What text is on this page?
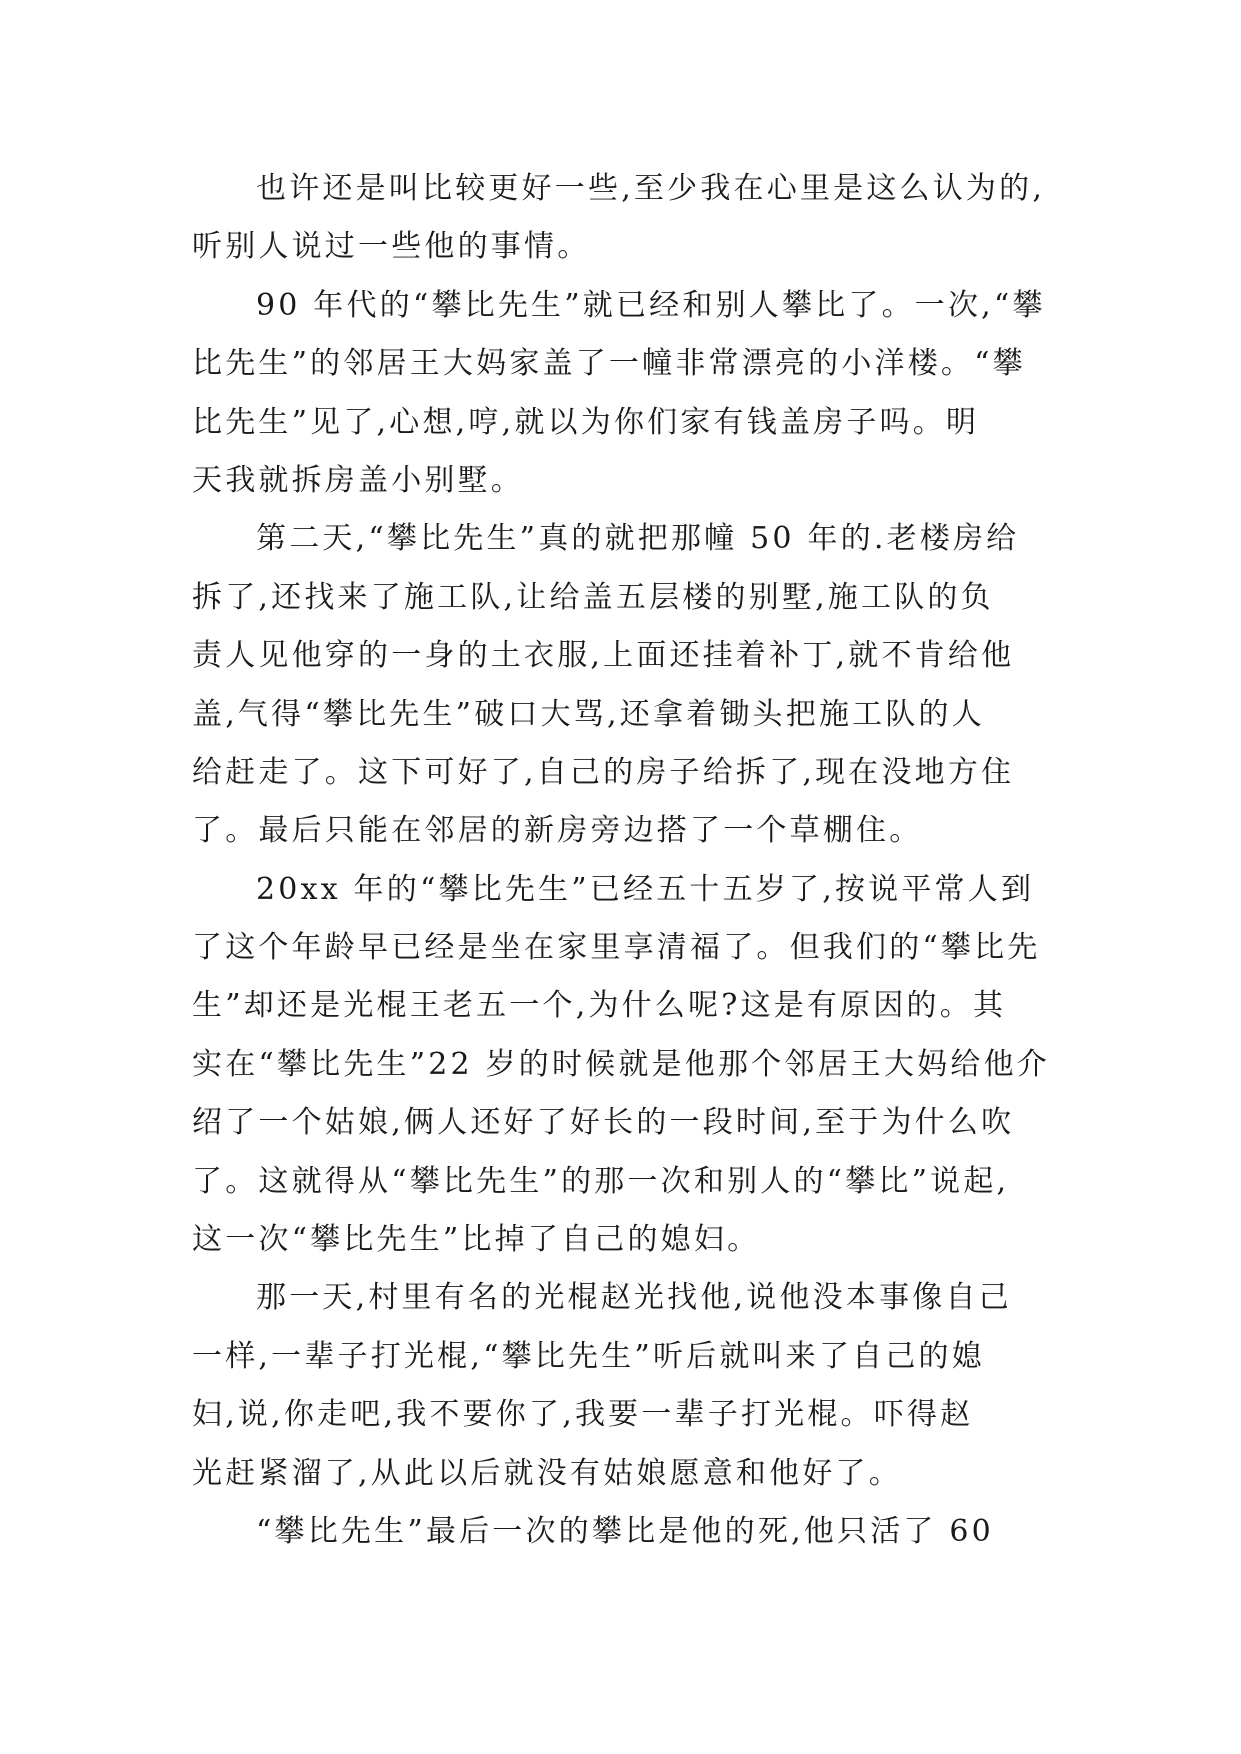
也许还是叫比较更好一些,至少我在心里是这么认为的,
听别人说过一些他的事情。
90 年代的“攀比先生”就已经和别人攀比了。一次,“攀
比先生”的邻居王大妈家盖了一幢非常漂亮的小洋楼。“攀
比先生”见了,心想,哼,就以为你们家有钱盖房子吗。明
天我就拆房盖小别墅。
第二天,“攀比先生”真的就把那幢 50 年的.老楼房给
拆了,还找来了施工队,让给盖五层楼的别墅,施工队的负
责人见他穿的一身的土衣服,上面还挂着补丁,就不肯给他
盖,气得“攀比先生”破口大骂,还拿着锄头把施工队的人
给赶走了。这下可好了,自己的房子给拆了,现在没地方住
了。最后只能在邻居的新房旁边搭了一个草棚住。
20xx 年的“攀比先生”已经五十五岁了,按说平常人到
了这个年龄早已经是坐在家里享清福了。但我们的“攀比先
生”却还是光棍王老五一个,为什么呢?这是有原因的。其
实在“攀比先生”22 岁的时候就是他那个邻居王大妈给他介
绍了一个姑娘,俩人还好了好长的一段时间,至于为什么吹
了。这就得从“攀比先生”的那一次和别人的“攀比”说起,
这一次“攀比先生”比掉了自己的媳妇。
那一天,村里有名的光棍赵光找他,说他没本事像自己
一样,一辈子打光棍,“攀比先生”听后就叫来了自己的媳
妇,说,你走吧,我不要你了,我要一辈子打光棍。吓得赵
光赶紧溜了,从此以后就没有姑娘愿意和他好了。
“攀比先生”最后一次的攀比是他的死,他只活了 60
